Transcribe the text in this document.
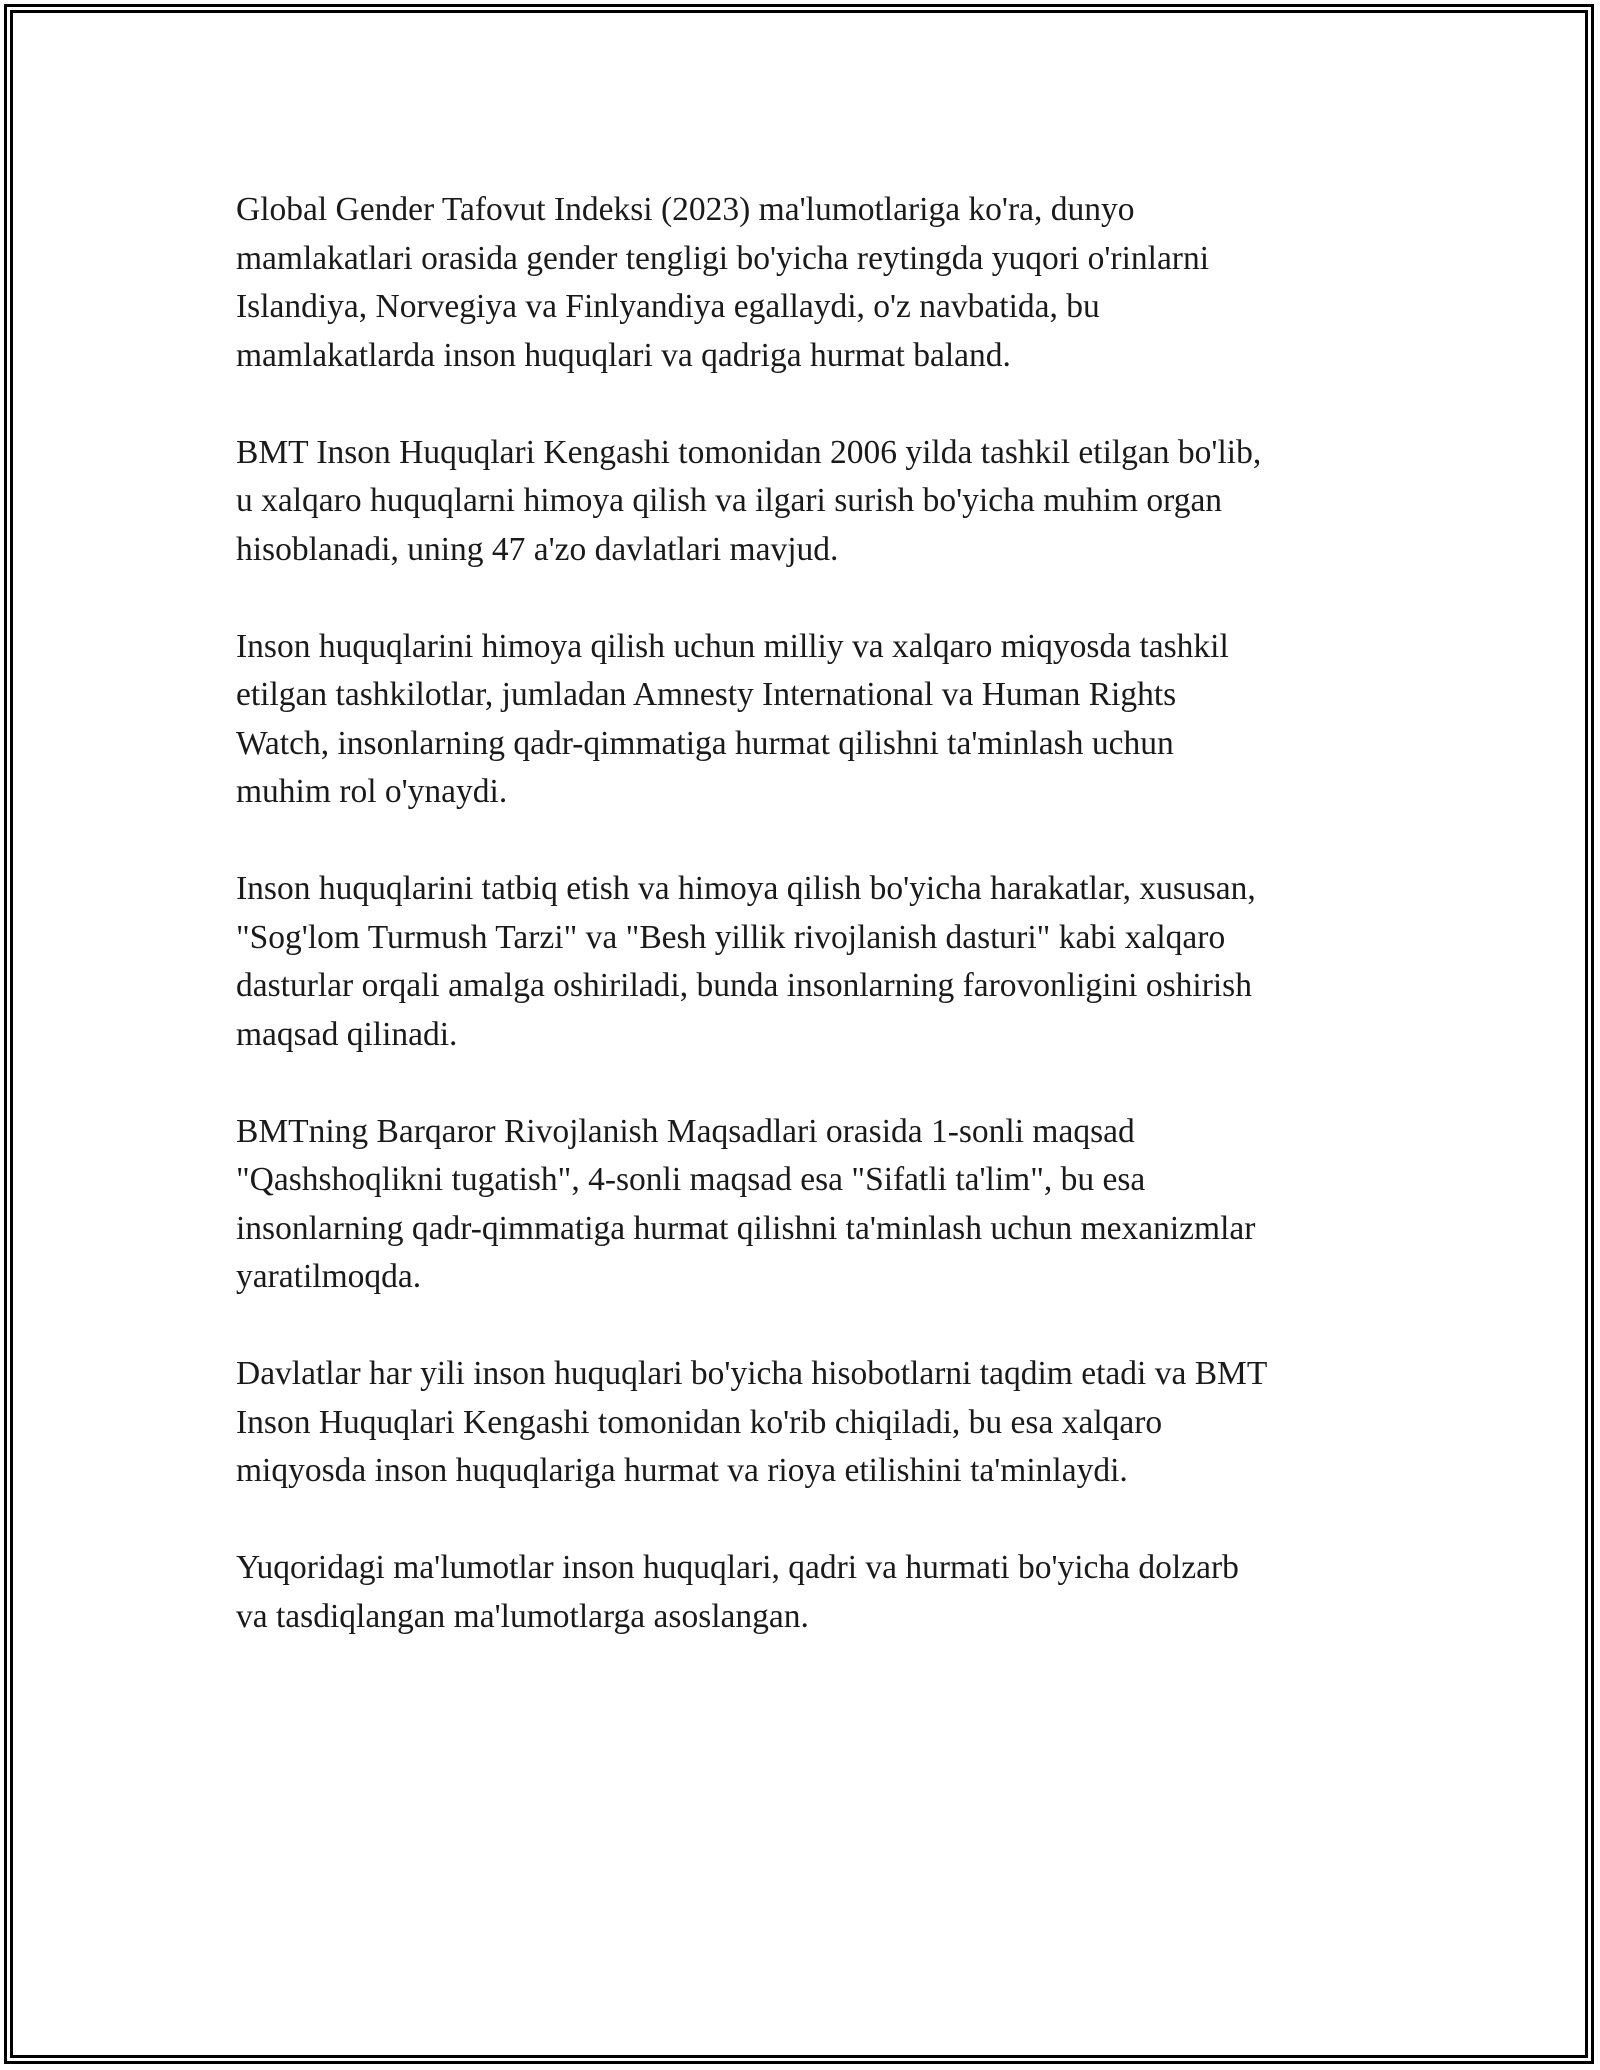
Global Gender Tafovut Indeksi (2023) ma'lumotlariga ko'ra, dunyo
mamlakatlari orasida gender tengligi bo'yicha reytingda yuqori o'rinlarni
Islandiya, Norvegiya va Finlyandiya egallaydi, o'z navbatida, bu
mamlakatlarda inson huquqlari va qadriga hurmat baland.

BMT Inson Huquqlari Kengashi tomonidan 2006 yilda tashkil etilgan bo'lib,
u xalqaro huquqlarni himoya qilish va ilgari surish bo'yicha muhim organ
hisoblanadi, uning 47 a'zo davlatlari mavjud.

Inson huquqlarini himoya qilish uchun milliy va xalqaro miqyosda tashkil
etilgan tashkilotlar, jumladan Amnesty International va Human Rights
Watch, insonlarning qadr-qimmatiga hurmat qilishni ta'minlash uchun
muhim rol o'ynaydi.

Inson huquqlarini tatbiq etish va himoya qilish bo'yicha harakatlar, xususan,
"Sog'lom Turmush Tarzi" va "Besh yillik rivojlanish dasturi" kabi xalqaro
dasturlar orqali amalga oshiriladi, bunda insonlarning farovonligini oshirish
maqsad qilinadi.

BMTning Barqaror Rivojlanish Maqsadlari orasida 1-sonli maqsad
"Qashshoqlikni tugatish", 4-sonli maqsad esa "Sifatli ta'lim", bu esa
insonlarning qadr-qimmatiga hurmat qilishni ta'minlash uchun mexanizmlar
yaratilmoqda.

Davlatlar har yili inson huquqlari bo'yicha hisobotlarni taqdim etadi va BMT
Inson Huquqlari Kengashi tomonidan ko'rib chiqiladi, bu esa xalqaro
miqyosda inson huquqlariga hurmat va rioya etilishini ta'minlaydi.

Yuqoridagi ma'lumotlar inson huquqlari, qadri va hurmati bo'yicha dolzarb
va tasdiqlangan ma'lumotlarga asoslangan.
